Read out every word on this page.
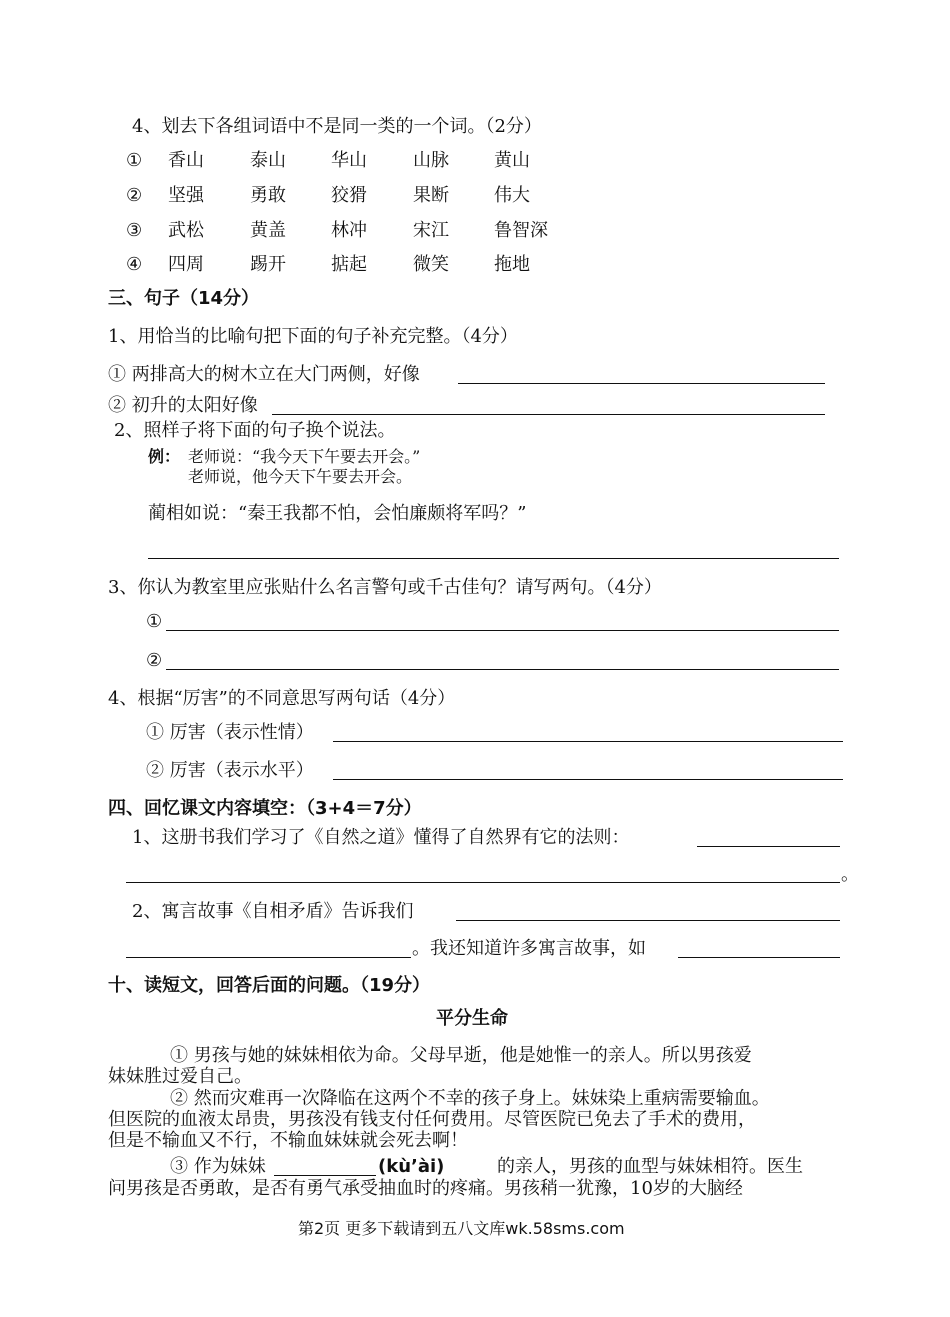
4、划去下各组词语中不是同一类的一个词。（2分）
① 香山	泰山	华山	山脉	黄山
② 坚强	勇敢	狡猾	果断	伟大
③ 武松	黄盖	林冲	宋江	鲁智深
④ 四周	踢开	掂起	微笑	拖地
三、句子（14分）
1、用恰当的比喻句把下面的句子补充完整。（4分）
① 两排高大的树木立在大门两侧，好像
② 初升的太阳好像
2、照样子将下面的句子换个说法。
例： 老师说：“我今天下午要去开会。”
老师说，他今天下午要去开会。
蔺相如说：“秦王我都不怕，会怕廉颇将军吗？”
3、你认为教室里应张贴什么名言警句或千古佳句？请写两句。（4分）
①
②
4、根据“厉害”的不同意思写两句话（4分）
① 厉害（表示性情）
② 厉害（表示水平）
四、回忆课文内容填空：（3+4＝7分）
1、这册书我们学习了《自然之道》懂得了自然界有它的法则：
。
2、寓言故事《自相矛盾》告诉我们
。我还知道许多寓言故事，如
十、读短文，回答后面的问题。（19分）
平分生命
① 男孩与她的妹妹相依为命。父母早逝，他是她惟一的亲人。所以男孩爱
妹妹胜过爱自己。
② 然而灾难再一次降临在这两个不幸的孩子身上。妹妹染上重病需要输血。
但医院的血液太昂贵，男孩没有钱支付任何费用。尽管医院已免去了手术的费用，
但是不输血又不行，不输血妹妹就会死去啊！
③ 作为妹妹	(kù’ài)	的亲人，男孩的血型与妹妹相符。医生
问男孩是否勇敢，是否有勇气承受抽血时的疼痛。男孩稍一犹豫，10岁的大脑经
第2页 更多下载请到五八文库wk.58sms.com
